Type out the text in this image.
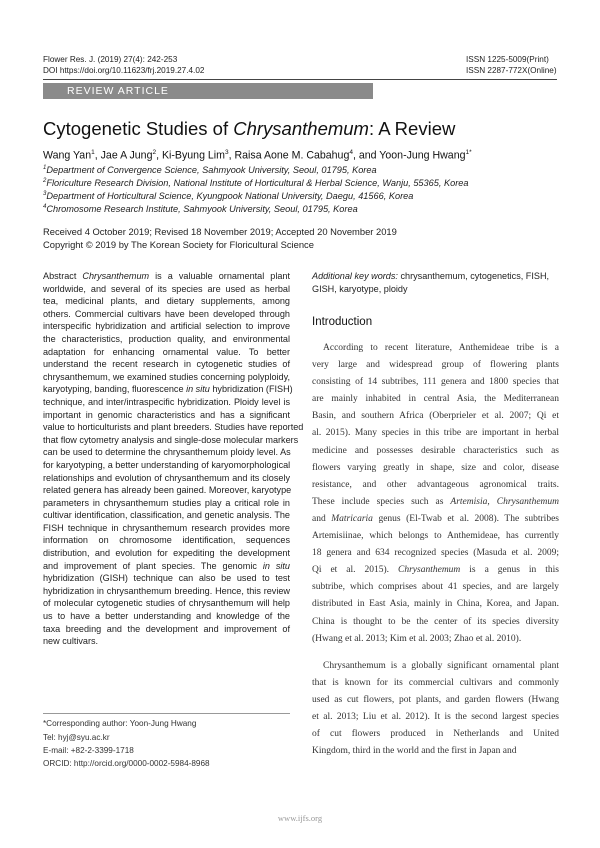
Flower Res. J. (2019) 27(4): 242-253
DOI https://doi.org/10.11623/frj.2019.27.4.02
ISSN 1225-5009(Print)
ISSN 2287-772X(Online)
REVIEW ARTICLE
Cytogenetic Studies of Chrysanthemum: A Review
Wang Yan$^1$, Jae A Jung$^2$, Ki-Byung Lim$^3$, Raisa Aone M. Cabahug$^4$, and Yoon-Jung Hwang$^{1*}$
$^1$Department of Convergence Science, Sahmyook University, Seoul, 01795, Korea
$^2$Floriculture Research Division, National Institute of Horticultural & Herbal Science, Wanju, 55365, Korea
$^3$Department of Horticultural Science, Kyungpook National University, Daegu, 41566, Korea
$^4$Chromosome Research Institute, Sahmyook University, Seoul, 01795, Korea
Received 4 October 2019; Revised 18 November 2019; Accepted 20 November 2019
Copyright © 2019 by The Korean Society for Floricultural Science
Abstract Chrysanthemum is a valuable ornamental plant
worldwide, and several of its species are used as herbal
tea, medicinal plants, and dietary supplements, among
others. Commercial cultivars have been developed through
interspecific hybridization and artificial selection to improve
the characteristics, production quality, and environmental
adaptation for enhancing ornamental value. To better
understand the recent research in cytogenetic studies of
chrysanthemum, we examined studies concerning polyploidy,
karyotyping, banding, fluorescence in situ hybridization (FISH)
technique, and inter/intraspecific hybridization. Ploidy level is
important in genomic characteristics and has a significant
value to horticulturists and plant breeders. Studies have reported
that flow cytometry analysis and single-dose molecular markers
can be used to determine the chrysanthemum ploidy level. As
for karyotyping, a better understanding of karyomorphological
relationships and evolution of chrysanthemum and its closely
related genera has already been gained. Moreover, karyotype
parameters in chrysanthemum studies play a critical role in
cultivar identification, classification, and genetic analysis. The
FISH technique in chrysanthemum research provides more
information on chromosome identification, sequences
distribution, and evolution for expediting the development
and improvement of plant species. The genomic in situ
hybridization (GISH) technique can also be used to test
hybridization in chrysanthemum breeding. Hence, this review
of molecular cytogenetic studies of chrysanthemum will help
us to have a better understanding and knowledge of the
taxa breeding and the development and improvement of
new cultivars.
*Corresponding author: Yoon-Jung Hwang
Tel: hyj@syu.ac.kr
E-mail: +82-2-3399-1718
ORCID: http://orcid.org/0000-0002-5984-8968
Additional key words: chrysanthemum, cytogenetics, FISH,
GISH, karyotype, ploidy
Introduction
According to recent literature, Anthemideae tribe is a
very large and widespread group of flowering plants
consisting of 14 subtribes, 111 genera and 1800 species that
are mainly inhabited in central Asia, the Mediterranean
Basin, and southern Africa (Oberprieler et al. 2007; Qi et
al. 2015). Many species in this tribe are important in herbal
medicine and possesses desirable characteristics such as
flowers varying greatly in shape, size and color, disease
resistance, and other advantageous agronomical traits.
These include species such as Artemisia, Chrysanthemum
and Matricaria genus (El-Twab et al. 2008). The subtribes
Artemisiinae, which belongs to Anthemideae, has currently
18 genera and 634 recognized species (Masuda et al. 2009;
Qi et al. 2015). Chrysanthemum is a genus in this
subtribe, which comprises about 41 species, and are largely
distributed in East Asia, mainly in China, Korea, and Japan.
China is thought to be the center of its species diversity
(Hwang et al. 2013; Kim et al. 2003; Zhao et al. 2010).
Chrysanthemum is a globally significant ornamental plant
that is known for its commercial cultivars and commonly
used as cut flowers, pot plants, and garden flowers (Hwang
et al. 2013; Liu et al. 2012). It is the second largest species
of cut flowers produced in Netherlands and United
Kingdom, third in the world and the first in Japan and
www.ijfs.org
